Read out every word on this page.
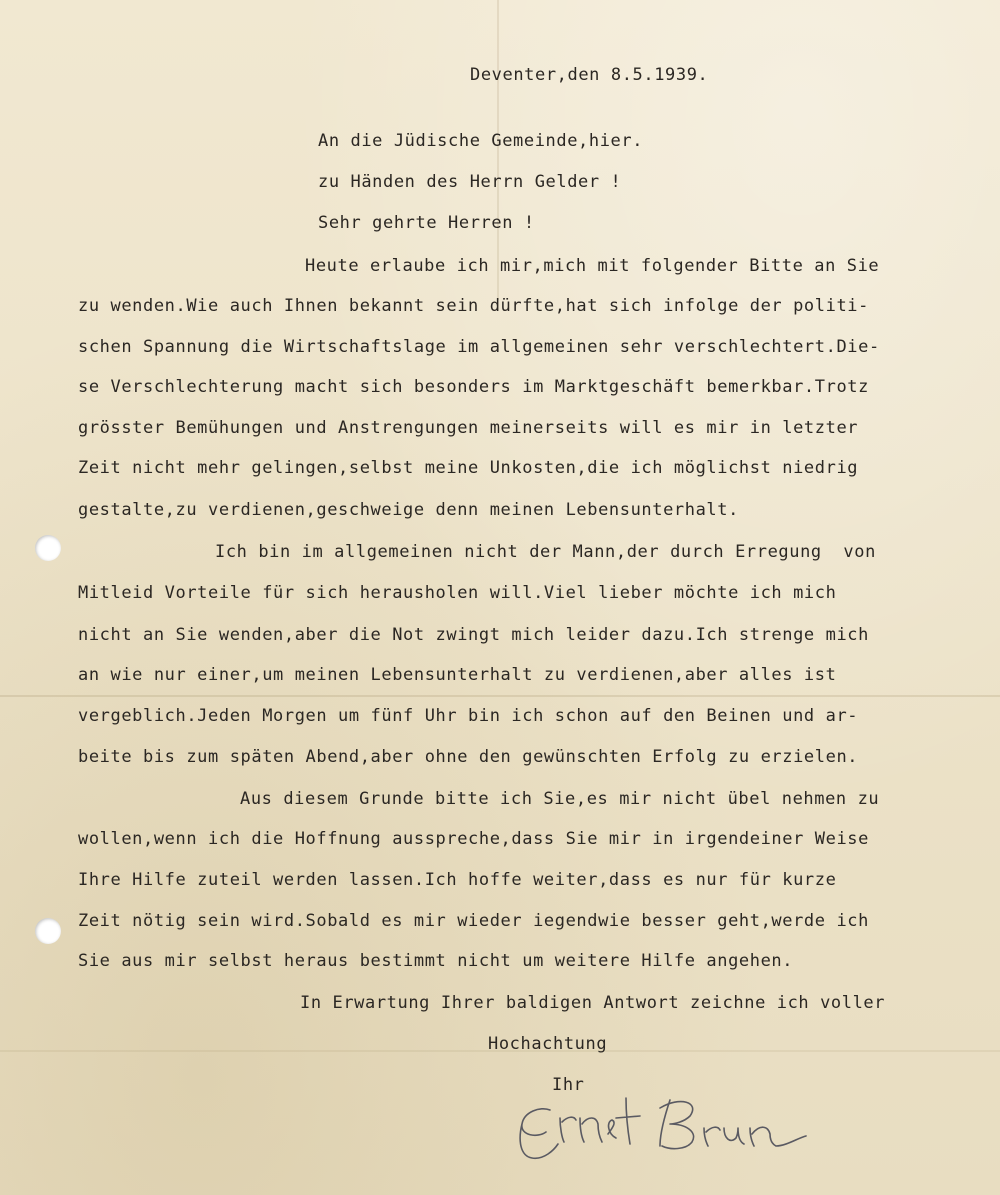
Deventer,den 8.5.1939.
An die Jüdische Gemeinde,hier.
zu Händen des Herrn Gelder !
Sehr gehrte Herren !
Heute erlaube ich mir,mich mit folgender Bitte an Sie
zu wenden.Wie auch Ihnen bekannt sein dürfte,hat sich infolge der politi-
schen Spannung die Wirtschaftslage im allgemeinen sehr verschlechtert.Die-
se Verschlechterung macht sich besonders im Marktgeschäft bemerkbar.Trotz
grösster Bemühungen und Anstrengungen meinerseits will es mir in letzter
Zeit nicht mehr gelingen,selbst meine Unkosten,die ich möglichst niedrig
gestalte,zu verdienen,geschweige denn meinen Lebensunterhalt.
Ich bin im allgemeinen nicht der Mann,der durch Erregung  von
Mitleid Vorteile für sich herausholen will.Viel lieber möchte ich mich
nicht an Sie wenden,aber die Not zwingt mich leider dazu.Ich strenge mich
an wie nur einer,um meinen Lebensunterhalt zu verdienen,aber alles ist
vergeblich.Jeden Morgen um fünf Uhr bin ich schon auf den Beinen und ar-
beite bis zum späten Abend,aber ohne den gewünschten Erfolg zu erzielen.
Aus diesem Grunde bitte ich Sie,es mir nicht übel nehmen zu
wollen,wenn ich die Hoffnung ausspreche,dass Sie mir in irgendeiner Weise
Ihre Hilfe zuteil werden lassen.Ich hoffe weiter,dass es nur für kurze
Zeit nötig sein wird.Sobald es mir wieder iegendwie besser geht,werde ich
Sie aus mir selbst heraus bestimmt nicht um weitere Hilfe angehen.
In Erwartung Ihrer baldigen Antwort zeichne ich voller
Hochachtung
Ihr
